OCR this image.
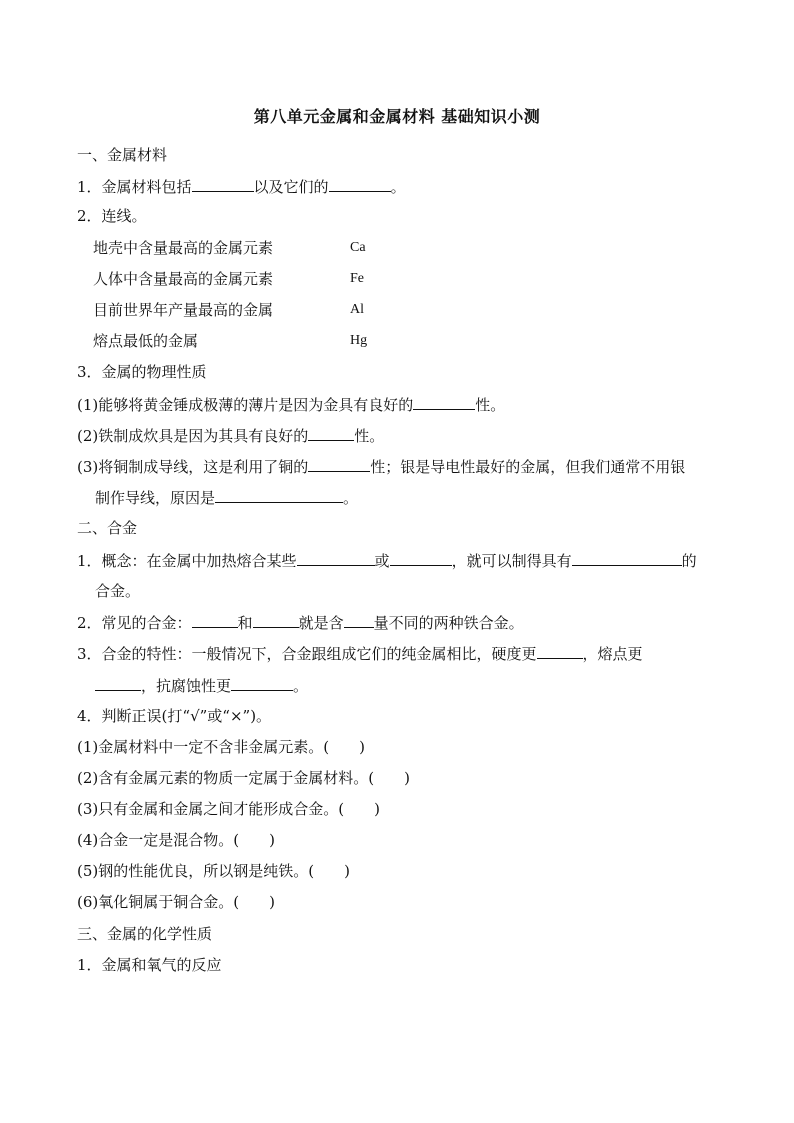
第八单元金属和金属材料 基础知识小测
一、金属材料
1．金属材料包括	以及它们的	。
2．连线。
地壳中含量最高的金属元素	Ca
人体中含量最高的金属元素	Fe
目前世界年产量最高的金属	Al
熔点最低的金属	Hg
3．金属的物理性质
(1)能够将黄金锤成极薄的薄片是因为金具有良好的	性。
(2)铁制成炊具是因为其具有良好的	性。
(3)将铜制成导线，这是利用了铜的	性；银是导电性最好的金属，但我们通常不用银
制作导线，原因是	。
二、合金
1．概念：在金属中加热熔合某些	或	，就可以制得具有	的
合金。
2．常见的合金：	和	就是含 量不同的两种铁合金。
3．合金的特性：一般情况下，合金跟组成它们的纯金属相比，硬度更	，熔点更
，抗腐蚀性更	。
4．判断正误(打“√”或“×”)。
(1)金属材料中一定不含非金属元素。(　　)
(2)含有金属元素的物质一定属于金属材料。(　　)
(3)只有金属和金属之间才能形成合金。(　　)
(4)合金一定是混合物。(　　)
(5)钢的性能优良，所以钢是纯铁。(　　)
(6)氧化铜属于铜合金。(　　)
三、金属的化学性质
1．金属和氧气的反应
